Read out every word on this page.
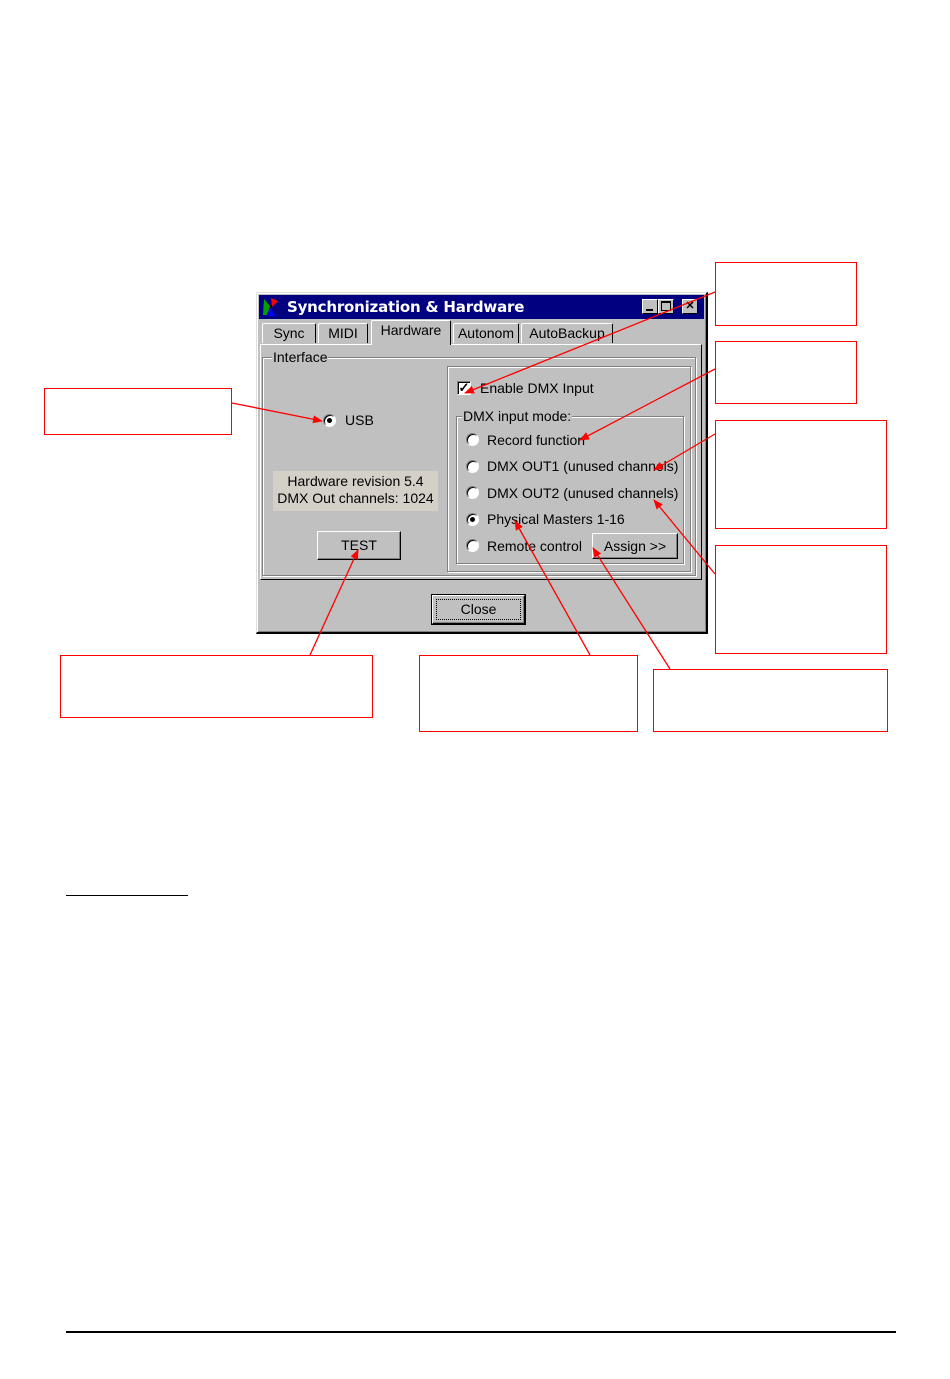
Synchronization & Hardware	✕
Sync	MIDI	Hardware	Autonom	AutoBackup
Interface
USB
Hardware revision 5.4
DMX Out channels: 1024
TEST
✓ Enable DMX Input
DMX input mode:
Record function
DMX OUT1 (unused channels)
DMX OUT2 (unused channels)
Physical Masters 1-16
Remote control	Assign >>
Close
